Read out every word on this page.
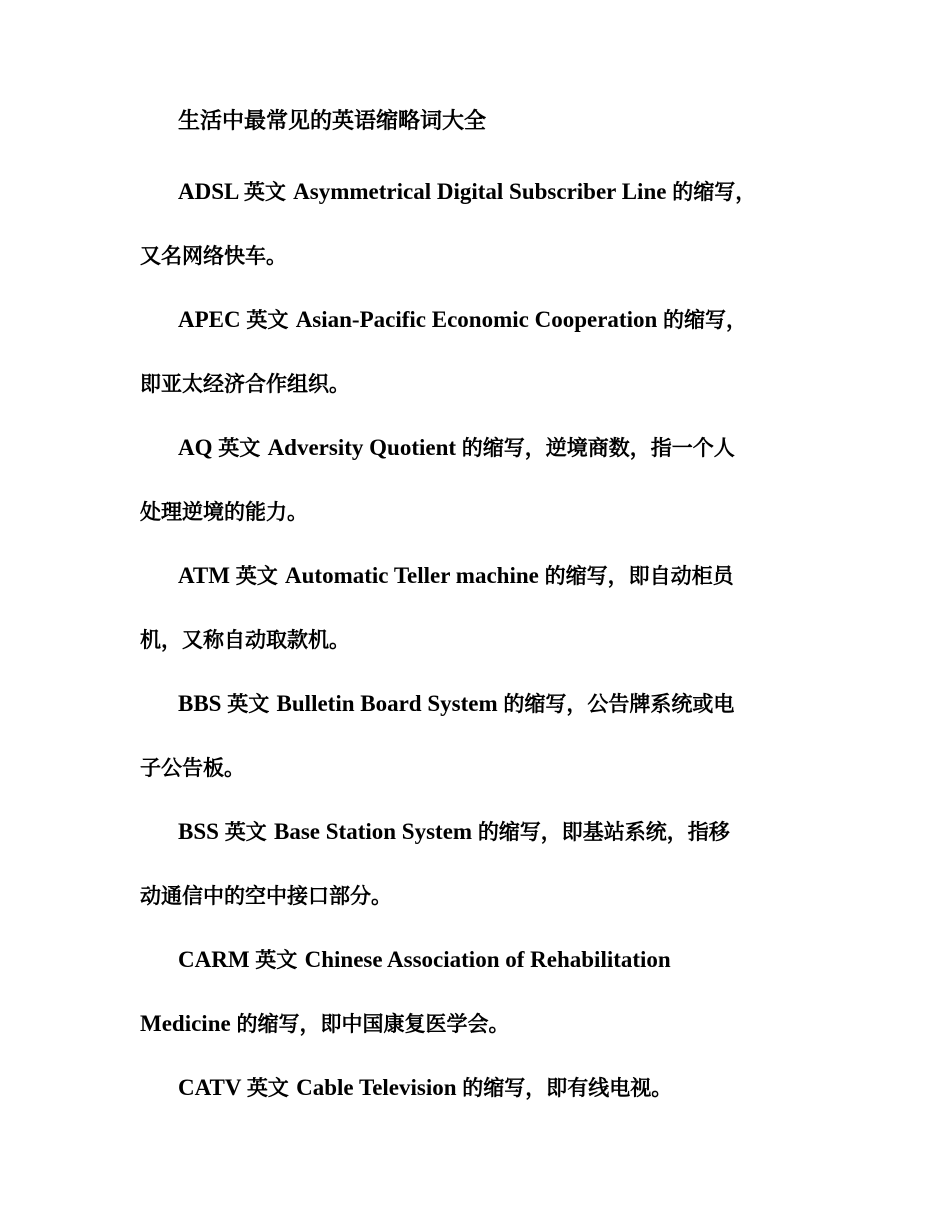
生活中最常见的英语缩略词大全
ADSL 英文 Asymmetrical Digital Subscriber Line 的缩写，
又名网络快车。
APEC 英文 Asian-Pacific Economic Cooperation 的缩写，
即亚太经济合作组织。
AQ 英文 Adversity Quotient 的缩写，逆境商数，指一个人
处理逆境的能力。
ATM 英文 Automatic Teller machine 的缩写，即自动柜员
机，又称自动取款机。
BBS 英文 Bulletin Board System 的缩写，公告牌系统或电
子公告板。
BSS 英文 Base Station System 的缩写，即基站系统，指移
动通信中的空中接口部分。
CARM 英文 Chinese Association of Rehabilitation
Medicine 的缩写，即中国康复医学会。
CATV 英文 Cable Television 的缩写，即有线电视。
